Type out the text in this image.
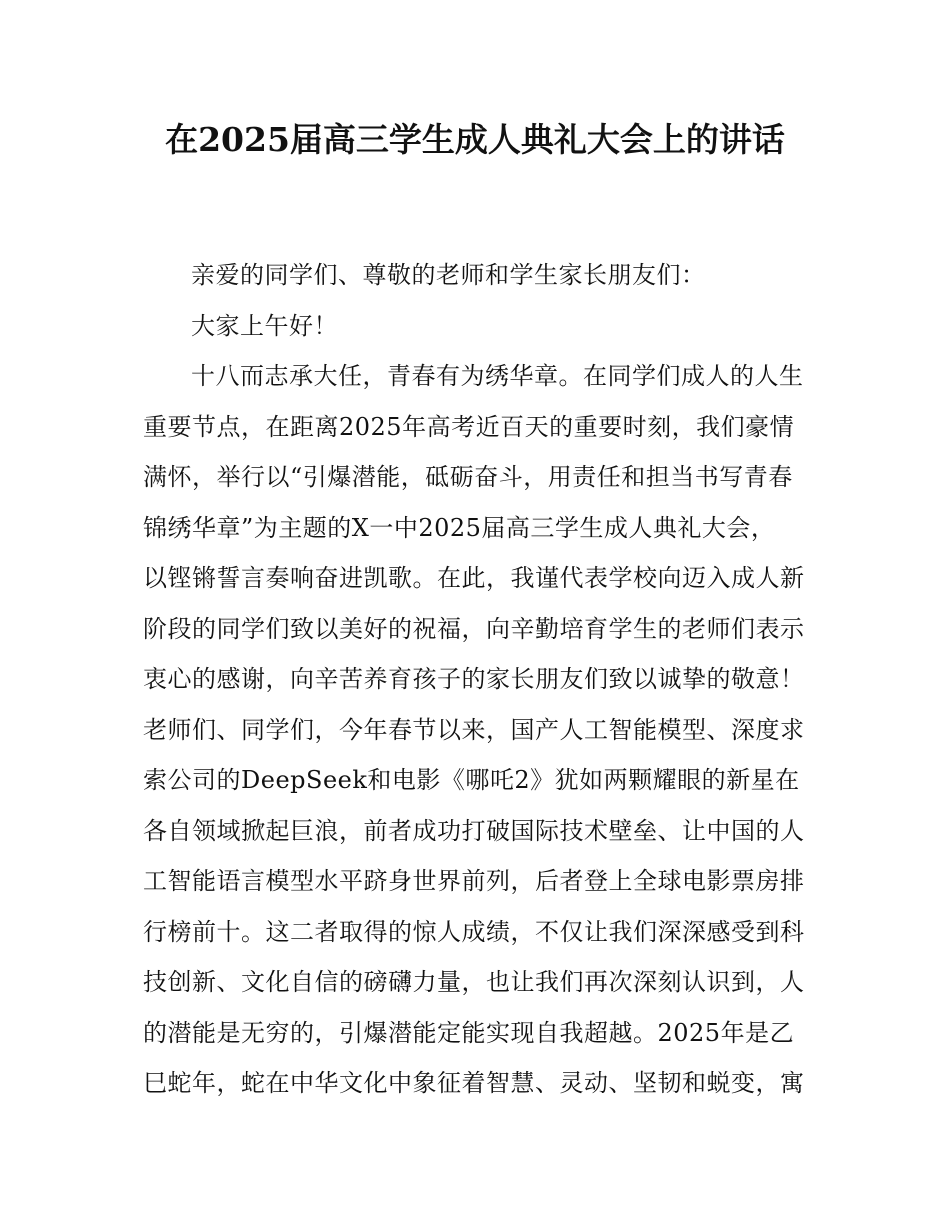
在2025届高三学生成人典礼大会上的讲话
亲爱的同学们、尊敬的老师和学生家长朋友们：
大家上午好！
十八而志承大任，青春有为绣华章。在同学们成人的人生
重要节点，在距离2025年高考近百天的重要时刻，我们豪情
满怀，举行以“引爆潜能，砥砺奋斗，用责任和担当书写青春
锦绣华章”为主题的X一中2025届高三学生成人典礼大会，
以铿锵誓言奏响奋进凯歌。在此，我谨代表学校向迈入成人新
阶段的同学们致以美好的祝福，向辛勤培育学生的老师们表示
衷心的感谢，向辛苦养育孩子的家长朋友们致以诚挚的敬意！
老师们、同学们，今年春节以来，国产人工智能模型、深度求
索公司的DeepSeek和电影《哪吒2》犹如两颗耀眼的新星在
各自领域掀起巨浪，前者成功打破国际技术壁垒、让中国的人
工智能语言模型水平跻身世界前列，后者登上全球电影票房排
行榜前十。这二者取得的惊人成绩，不仅让我们深深感受到科
技创新、文化自信的磅礴力量，也让我们再次深刻认识到，人
的潜能是无穷的，引爆潜能定能实现自我超越。2025年是乙
巳蛇年，蛇在中华文化中象征着智慧、灵动、坚韧和蜕变，寓
